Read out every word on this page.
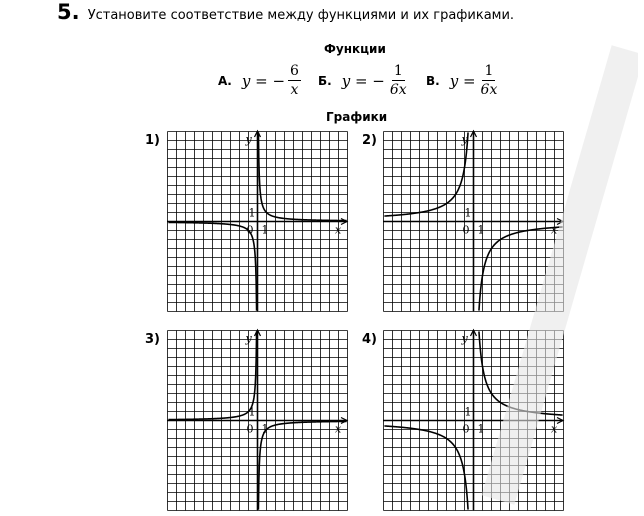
5. Установите соответствие между функциями и их графиками.
Функции
А. y = − $\frac{6}{x} Б$. y = − $\frac{1}{6x} В$. $y = \frac{1}{6x}$
Графики
1)	2)
3)	4)
y
x
0 1
1
y
x
0 1
1
y
x
0 1
1
y
x
0 1
1
